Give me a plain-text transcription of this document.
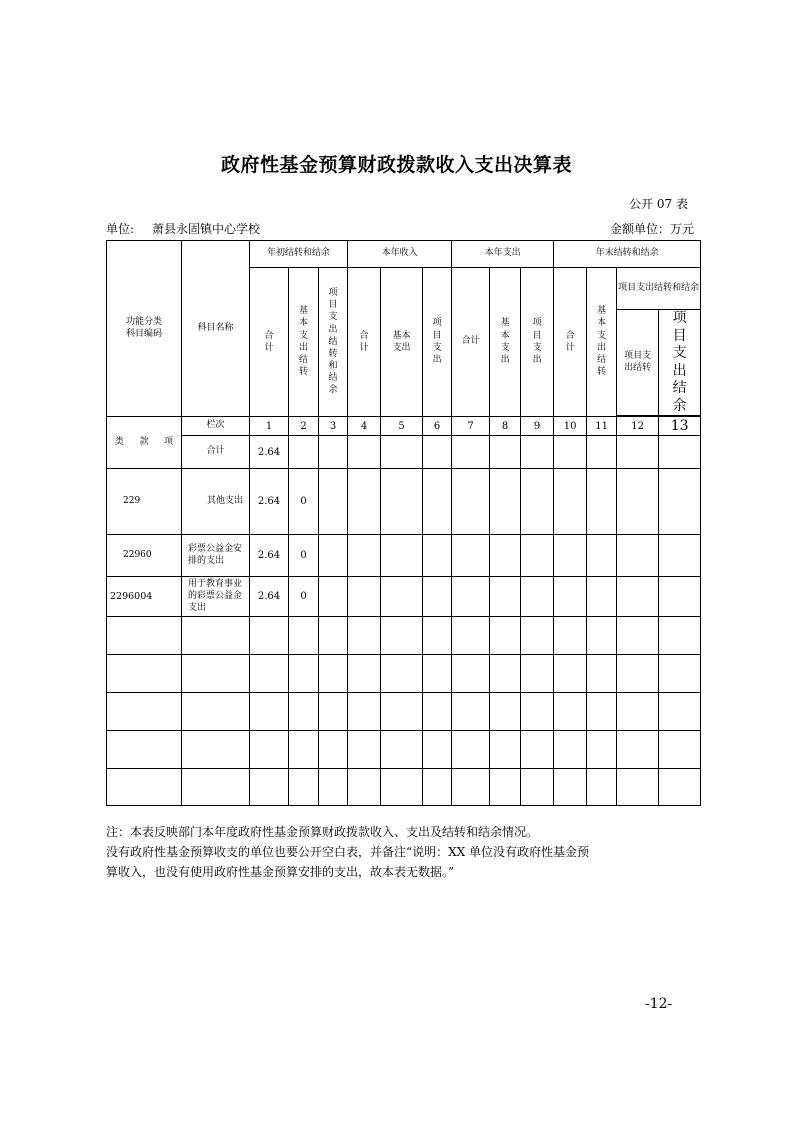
政府性基金预算财政拨款收入支出决算表
公开 07 表
单位: 萧县永固镇中心学校	金额单位：万元
功能分类
科目编码	科目名称	年初结转和结余			本年收入			本年支出			年末结转和结余			
		合计	基本支出结转	项目支出结转和结余	合计	基本支出	项目支出	合计	基本支出	项目支出	合计	基本支出结转	项目支出结转和结余	
													项目支出结转	项目支出结余

类 款 项	栏次	1	2	3	4	5	6	7	8	9	10	11	12	13
	合计	2.64												
229	其他支出	2.64	0											
22960	彩票公益金安排的支出	2.64	0											
2296004	用于教育事业的彩票公益金支出	2.64	0											

注：本表反映部门本年度政府性基金预算财政拨款收入、支出及结转和结余情况。

没有政府性基金预算收支的单位也要公开空白表，并备注“说明：XX 单位没有政府性基金预

算收入，也没有使用政府性基金预算安排的支出，故本表无数据。”

-12-
